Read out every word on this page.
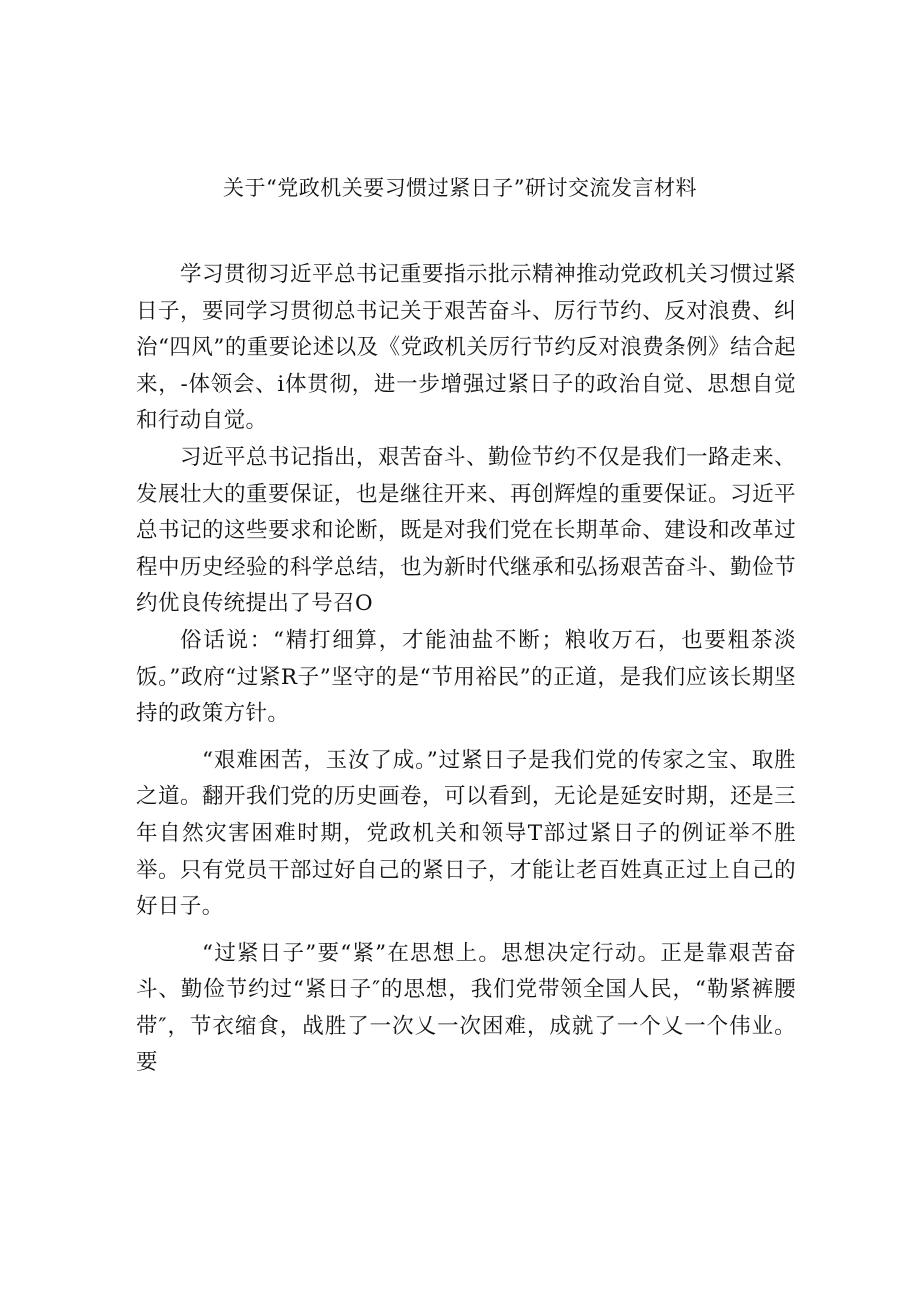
关于“党政机关要习惯过紧日子”研讨交流发言材料

学习贯彻习近平总书记重要指示批示精神推动党政机关习惯过紧日子，要同学习贯彻总书记关于艰苦奋斗、厉行节约、反对浪费、纠治“四风”的重要论述以及《党政机关厉行节约反对浪费条例》结合起来，-体领会、i体贯彻，进一步增强过紧日子的政治自觉、思想自觉和行动自觉。

习近平总书记指出，艰苦奋斗、勤俭节约不仅是我们一路走来、发展壮大的重要保证，也是继往开来、再创辉煌的重要保证。习近平总书记的这些要求和论断，既是对我们党在长期革命、建设和改革过程中历史经验的科学总结，也为新时代继承和弘扬艰苦奋斗、勤俭节约优良传统提出了号召O

俗话说：“精打细算，才能油盐不断；粮收万石，也要粗茶淡饭。”政府“过紧R子”坚守的是“节用裕民”的正道，是我们应该长期坚持的政策方针。

“艰难困苦，玉汝了成。”过紧日子是我们党的传家之宝、取胜之道。翻开我们党的历史画卷，可以看到，无论是延安时期，还是三年自然灾害困难时期，党政机关和领导T部过紧日子的例证举不胜举。只有党员干部过好自己的紧日子，才能让老百姓真正过上自己的好日子。

“过紧日子”要“紧”在思想上。思想决定行动。正是靠艰苦奋斗、勤俭节约过“紧日子″的思想，我们党带领全国人民，“勒紧裤腰带″，节衣缩食，战胜了一次乂一次困难，成就了一个乂一个伟业。要
